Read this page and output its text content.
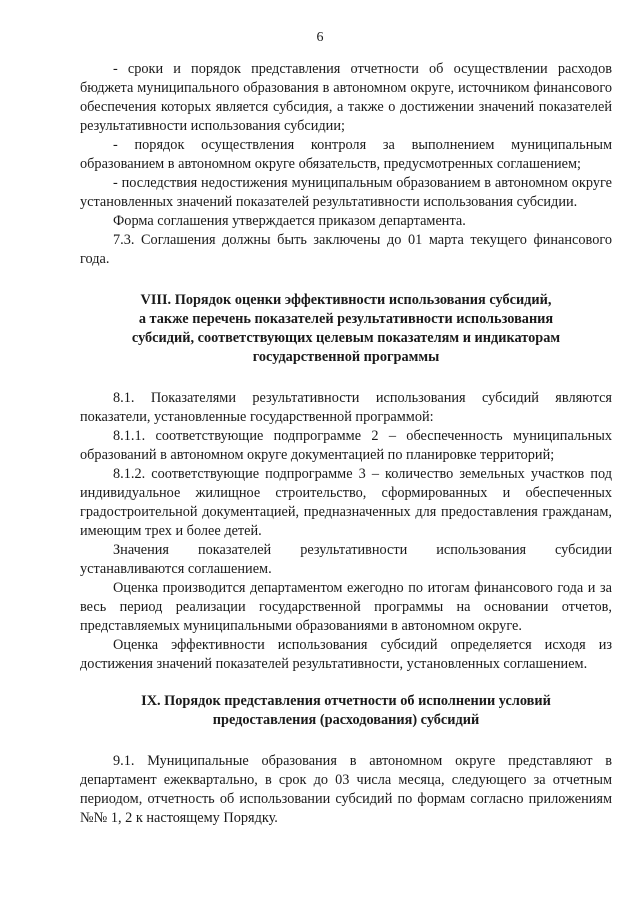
6

- сроки и порядок представления отчетности об осуществлении расходов бюджета муниципального образования в автономном округе, источником финансового обеспечения которых является субсидия, а также о достижении значений показателей результативности использования субсидии;

- порядок осуществления контроля за выполнением муниципальным образованием в автономном округе обязательств, предусмотренных соглашением;

- последствия недостижения муниципальным образованием в автономном округе установленных значений показателей результативности использования субсидии.

Форма соглашения утверждается приказом департамента.

7.3. Соглашения должны быть заключены до 01 марта текущего финансового года.

VIII. Порядок оценки эффективности использования субсидий,
а также перечень показателей результативности использования
субсидий, соответствующих целевым показателям и индикаторам
государственной программы

8.1. Показателями результативности использования субсидий являются показатели, установленные государственной программой:

8.1.1. соответствующие подпрограмме 2 – обеспеченность муниципальных образований в автономном округе документацией по планировке территорий;

8.1.2. соответствующие подпрограмме 3 – количество земельных участков под индивидуальное жилищное строительство, сформированных и обеспеченных градостроительной документацией, предназначенных для предоставления гражданам, имеющим трех и более детей.

Значения показателей результативности использования субсидии устанавливаются соглашением.

Оценка производится департаментом ежегодно по итогам финансового года и за весь период реализации государственной программы на основании отчетов, представляемых муниципальными образованиями в автономном округе.

Оценка эффективности использования субсидий определяется исходя из достижения значений показателей результативности, установленных соглашением.

IX. Порядок представления отчетности об исполнении условий
предоставления (расходования) субсидий

9.1. Муниципальные образования в автономном округе представляют в департамент ежеквартально, в срок до 03 числа месяца, следующего за отчетным периодом, отчетность об использовании субсидий по формам согласно приложениям №№ 1, 2 к настоящему Порядку.
